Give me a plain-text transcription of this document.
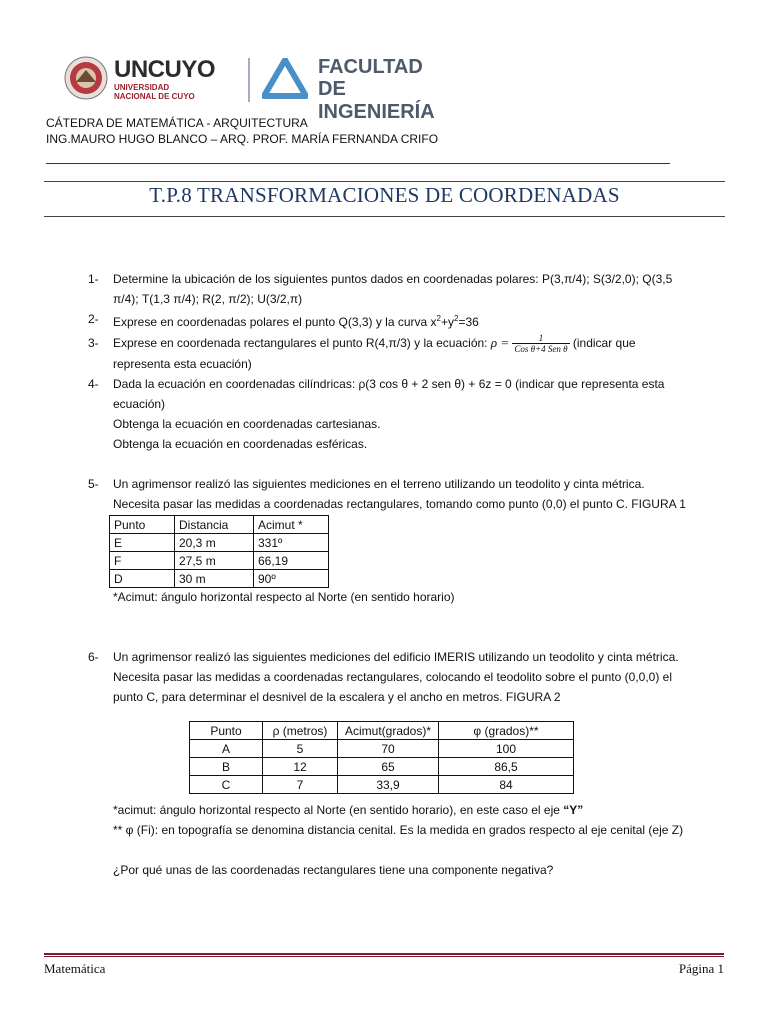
UNCUYO
UNIVERSIDAD
NACIONAL DE CUYO
FACULTAD
DE INGENIERÍA
CÁTEDRA DE MATEMÁTICA - ARQUITECTURA
ING.MAURO HUGO BLANCO – ARQ. PROF. MARÍA FERNANDA CRIFO
T.P.8 TRANSFORMACIONES DE COORDENADAS
1- Determine la ubicación de los siguientes puntos dados en coordenadas polares: P(3,π/4); S(3/2,0); Q(3,5
π/4); T(1,3 π/4); R(2, π/2); U(3/2,π)
2- Exprese en coordenadas polares el punto Q(3,3) y la curva $x^2+y^2=36$
3- Exprese en coordenada rectangulares el punto R(4,π/3) y la ecuación: $\rho = \frac{1}{\text{Cos θ+4 Sen θ}}$ (indicar que
representa esta ecuación)
4- Dada la ecuación en coordenadas cilíndricas: ρ(3 cos θ + 2 sen θ) + 6z = 0 (indicar que representa esta
ecuación)
Obtenga la ecuación en coordenadas cartesianas.
Obtenga la ecuación en coordenadas esféricas.
5- Un agrimensor realizó las siguientes mediciones en el terreno utilizando un teodolito y cinta métrica.
Necesita pasar las medidas a coordenadas rectangulares, tomando como punto (0,0) el punto C. FIGURA 1
Punto	Distancia	Acimut *
E	20,3 m	331º
F	27,5 m	66,19
D	30 m	90º
*Acimut: ángulo horizontal respecto al Norte (en sentido horario)
6- Un agrimensor realizó las siguientes mediciones del edificio IMERIS utilizando un teodolito y cinta métrica.
Necesita pasar las medidas a coordenadas rectangulares, colocando el teodolito sobre el punto (0,0,0) el
punto C, para determinar el desnivel de la escalera y el ancho en metros. FIGURA 2
Punto	ρ (metros)	Acimut(grados)*	φ (grados)**
A	5	70	100
B	12	65	86,5
C	7	33,9	84
*acimut: ángulo horizontal respecto al Norte (en sentido horario), en este caso el eje “Y”
** φ (Fi): en topografía se denomina distancia cenital. Es la medida en grados respecto al eje cenital (eje Z)
¿Por qué unas de las coordenadas rectangulares tiene una componente negativa?
Matemática	Página 1
